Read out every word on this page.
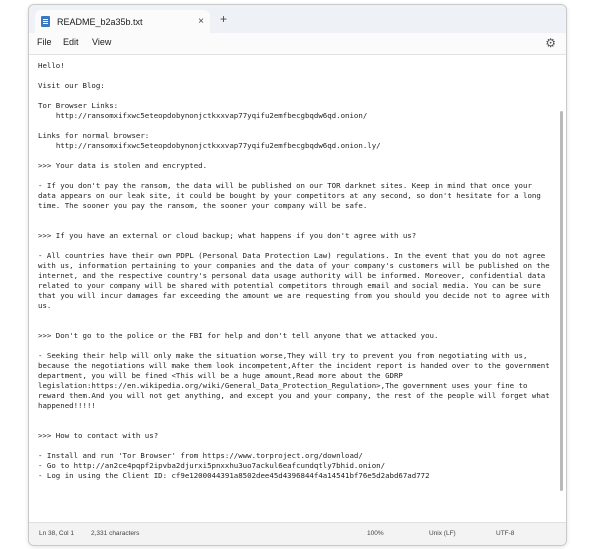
README_b2a35b.txt	× +
File Edit View	⚙
Hello!

Visit our Blog:

Tor Browser Links:
http://ransomxifxwc5eteopdobynonjctkxxvap77yqifu2emfbecgbqdw6qd.onion/

Links for normal browser:
http://ransomxifxwc5eteopdobynonjctkxxvap77yqifu2emfbecgbqdw6qd.onion.ly/

>>> Your data is stolen and encrypted.

- If you don't pay the ransom, the data will be published on our TOR darknet sites. Keep in mind that once your data appears on our leak site, it could be bought by your competitors at any second, so don't hesitate for a long time. The sooner you pay the ransom, the sooner your company will be safe.

>>> If you have an external or cloud backup; what happens if you don't agree with us?

- All countries have their own PDPL (Personal Data Protection Law) regulations. In the event that you do not agree with us, information pertaining to your companies and the data of your company's customers will be published on the internet, and the respective country's personal data usage authority will be informed. Moreover, confidential data related to your company will be shared with potential competitors through email and social media. You can be sure that you will incur damages far exceeding the amount we are requesting from you should you decide not to agree with us.

>>> Don't go to the police or the FBI for help and don't tell anyone that we attacked you.

- Seeking their help will only make the situation worse,They will try to prevent you from negotiating with us, because the negotiations will make them look incompetent,After the incident report is handed over to the government department, you will be fined <This will be a huge amount,Read more about the GDRP legislation:https://en.wikipedia.org/wiki/General_Data_Protection_Regulation>,The government uses your fine to reward them.And you will not get anything, and except you and your company, the rest of the people will forget what happened!!!!!

>>> How to contact with us?

- Install and run 'Tor Browser' from https://www.torproject.org/download/
- Go to http://an2ce4pqpf2ipvba2djurxi5pnxxhu3uo7ackul6eafcundqtly7bhid.onion/
- Log in using the Client ID: cf9e1200044391a8502dee45d4396844f4a14541bf76e5d2abd67ad772
Ln 38, Col 1	2,331 characters	100%	Unix (LF)	UTF-8
